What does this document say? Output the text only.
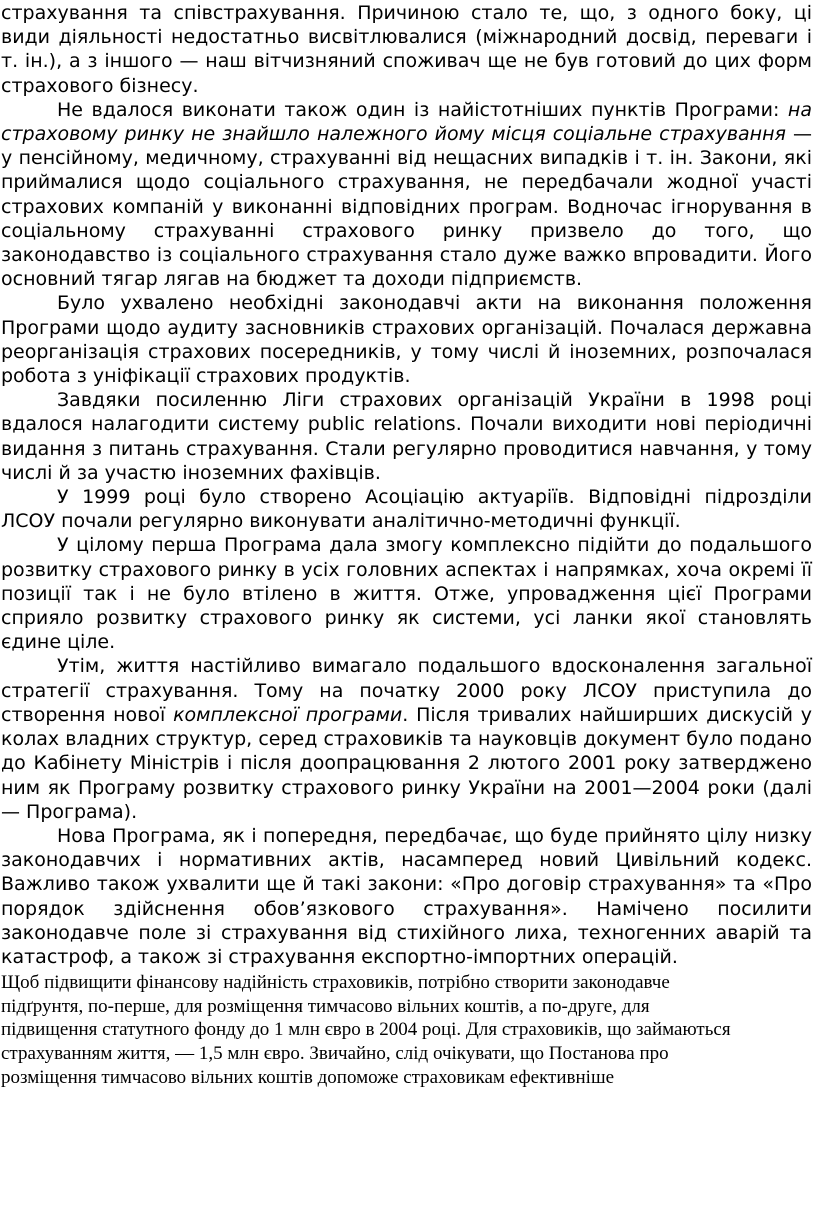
страхування та співстрахування. Причиною стало те, що, з одного боку, ці види діяльності недостатньо висвітлювалися (міжнародний досвід, переваги і т. ін.), а з іншого — наш вітчизняний споживач ще не був готовий до цих форм страхового бізнесу.

Не вдалося виконати також один із найістотніших пунктів Програми: на страховому ринку не знайшло належного йому місця соціальне страхування — у пенсійному, медичному, страхуванні від нещасних випадків і т. ін. Закони, які приймалися щодо соціального страхування, не передбачали жодної участі страхових компаній у виконанні відповідних програм. Водночас ігнорування в соціальному страхуванні страхового ринку призвело до того, що законодавство із соціального страхування стало дуже важко впровадити. Його основний тягар лягав на бюджет та доходи підприємств.

Було ухвалено необхідні законодавчі акти на виконання положення Програми щодо аудиту засновників страхових організацій. Почалася державна реорганізація страхових посередників, у тому числі й іноземних, розпочалася робота з уніфікації страхових продуктів.

Завдяки посиленню Ліги страхових організацій України в 1998 році вдалося налагодити систему public relations. Почали виходити нові періодичні видання з питань страхування. Стали регулярно проводитися навчання, у тому числі й за участю іноземних фахівців.

У 1999 році було створено Асоціацію актуаріїв. Відповідні підрозділи ЛСОУ почали регулярно виконувати аналітично-методичні функції.

У цілому перша Програма дала змогу комплексно підійти до подальшого розвитку страхового ринку в усіх головних аспектах і напрямках, хоча окремі її позиції так і не було втілено в життя. Отже, упровадження цієї Програми сприяло розвитку страхового ринку як системи, усі ланки якої становлять єдине ціле.

Утім, життя настійливо вимагало подальшого вдосконалення загальної стратегії страхування. Тому на початку 2000 року ЛСОУ приступила до створення нової комплексної програми. Після тривалих найширших дискусій у колах владних структур, серед страховиків та науковців документ було подано до Кабінету Міністрів і після доопрацювання 2 лютого 2001 року затверджено ним як Програму розвитку страхового ринку України на 2001—2004 роки (далі — Програма).

Нова Програма, як і попередня, передбачає, що буде прийнято цілу низку законодавчих і нормативних актів, насамперед новий Цивільний кодекс. Важливо також ухвалити ще й такі закони: «Про договір страхування» та «Про порядок здійснення обов’язкового страхування». Намічено посилити законодавче поле зі страхування від стихійного лиха, техногенних аварій та катастроф, а також зі страхування експортно-імпортних операцій.

Щоб підвищити фінансову надійність страховиків, потрібно створити законодавче

підґрунтя, по-перше, для розміщення тимчасово вільних коштів, а по-друге, для

підвищення статутного фонду до 1 млн євро в 2004 році. Для страховиків, що займаються

страхуванням життя, — 1,5 млн євро. Звичайно, слід очікувати, що Постанова про

розміщення тимчасово вільних коштів допоможе страховикам ефективніше
